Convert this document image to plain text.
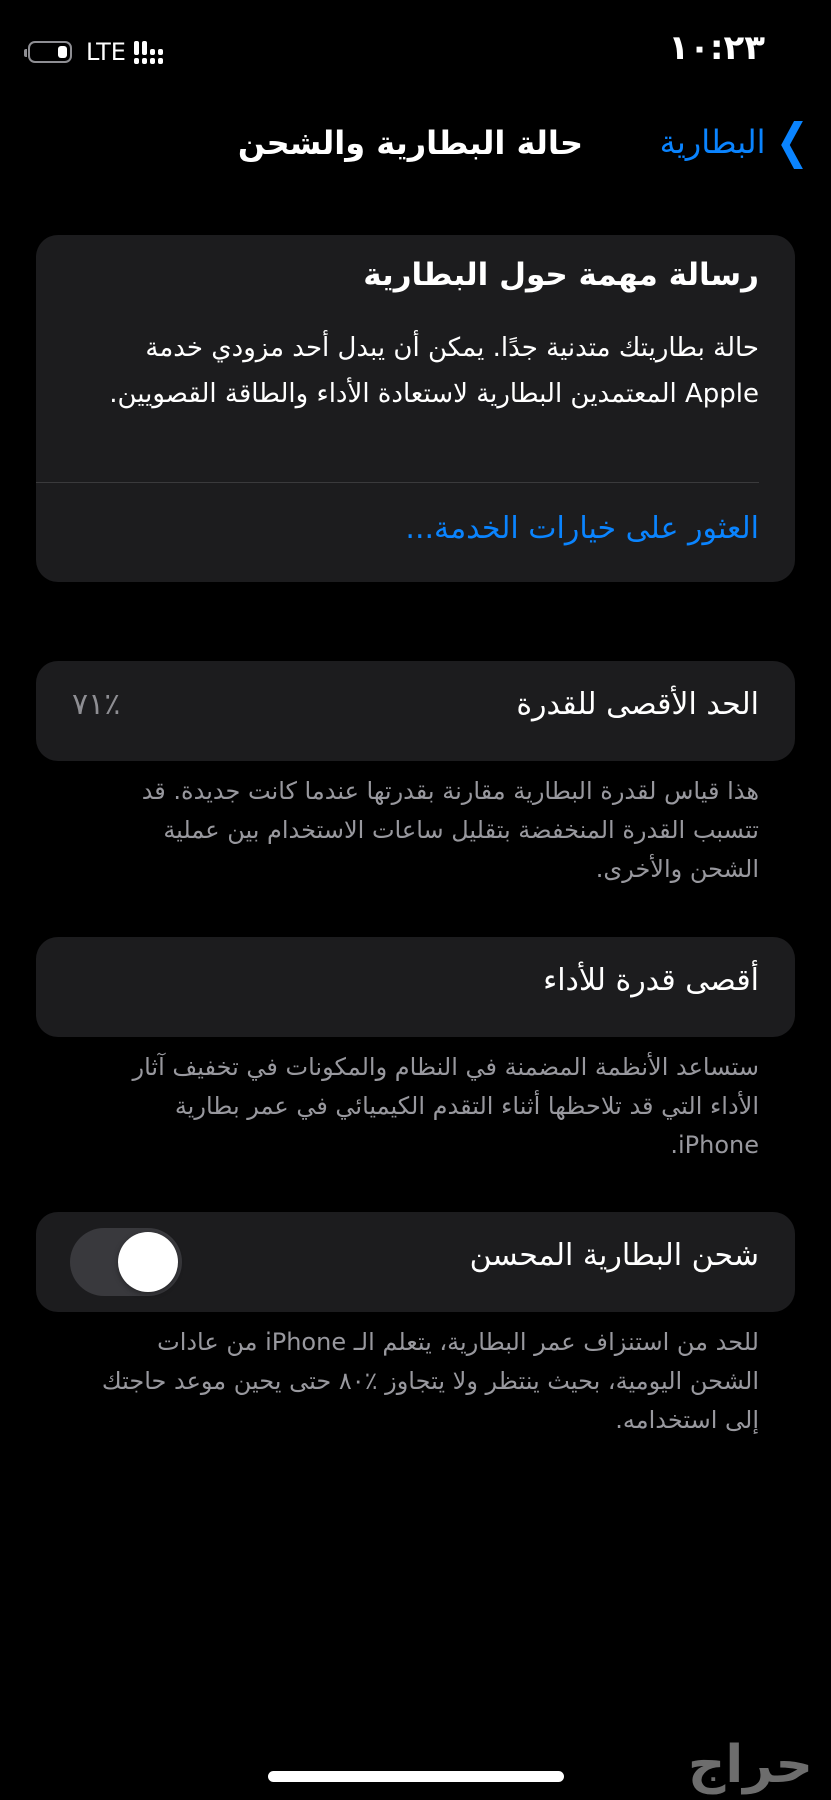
LTE	١٠:٢٣
❯
البطارية
حالة البطارية والشحن
رسالة مهمة حول البطارية
حالة بطاريتك متدنية جدًا. يمكن أن يبدل أحد مزودي خدمة Apple المعتمدين البطارية لاستعادة الأداء والطاقة القصويين.
العثور على خيارات الخدمة...
الحد الأقصى للقدرة
٪٧١
هذا قياس لقدرة البطارية مقارنة بقدرتها عندما كانت جديدة. قد تتسبب القدرة المنخفضة بتقليل ساعات الاستخدام بين عملية الشحن والأخرى.
أقصى قدرة للأداء
ستساعد الأنظمة المضمنة في النظام والمكونات في تخفيف آثار الأداء التي قد تلاحظها أثناء التقدم الكيميائي في عمر بطارية iPhone.
شحن البطارية المحسن
للحد من استنزاف عمر البطارية، يتعلم الـ iPhone من عادات الشحن اليومية، بحيث ينتظر ولا يتجاوز ٪٨٠ حتى يحين موعد حاجتك إلى استخدامه.
حراج
